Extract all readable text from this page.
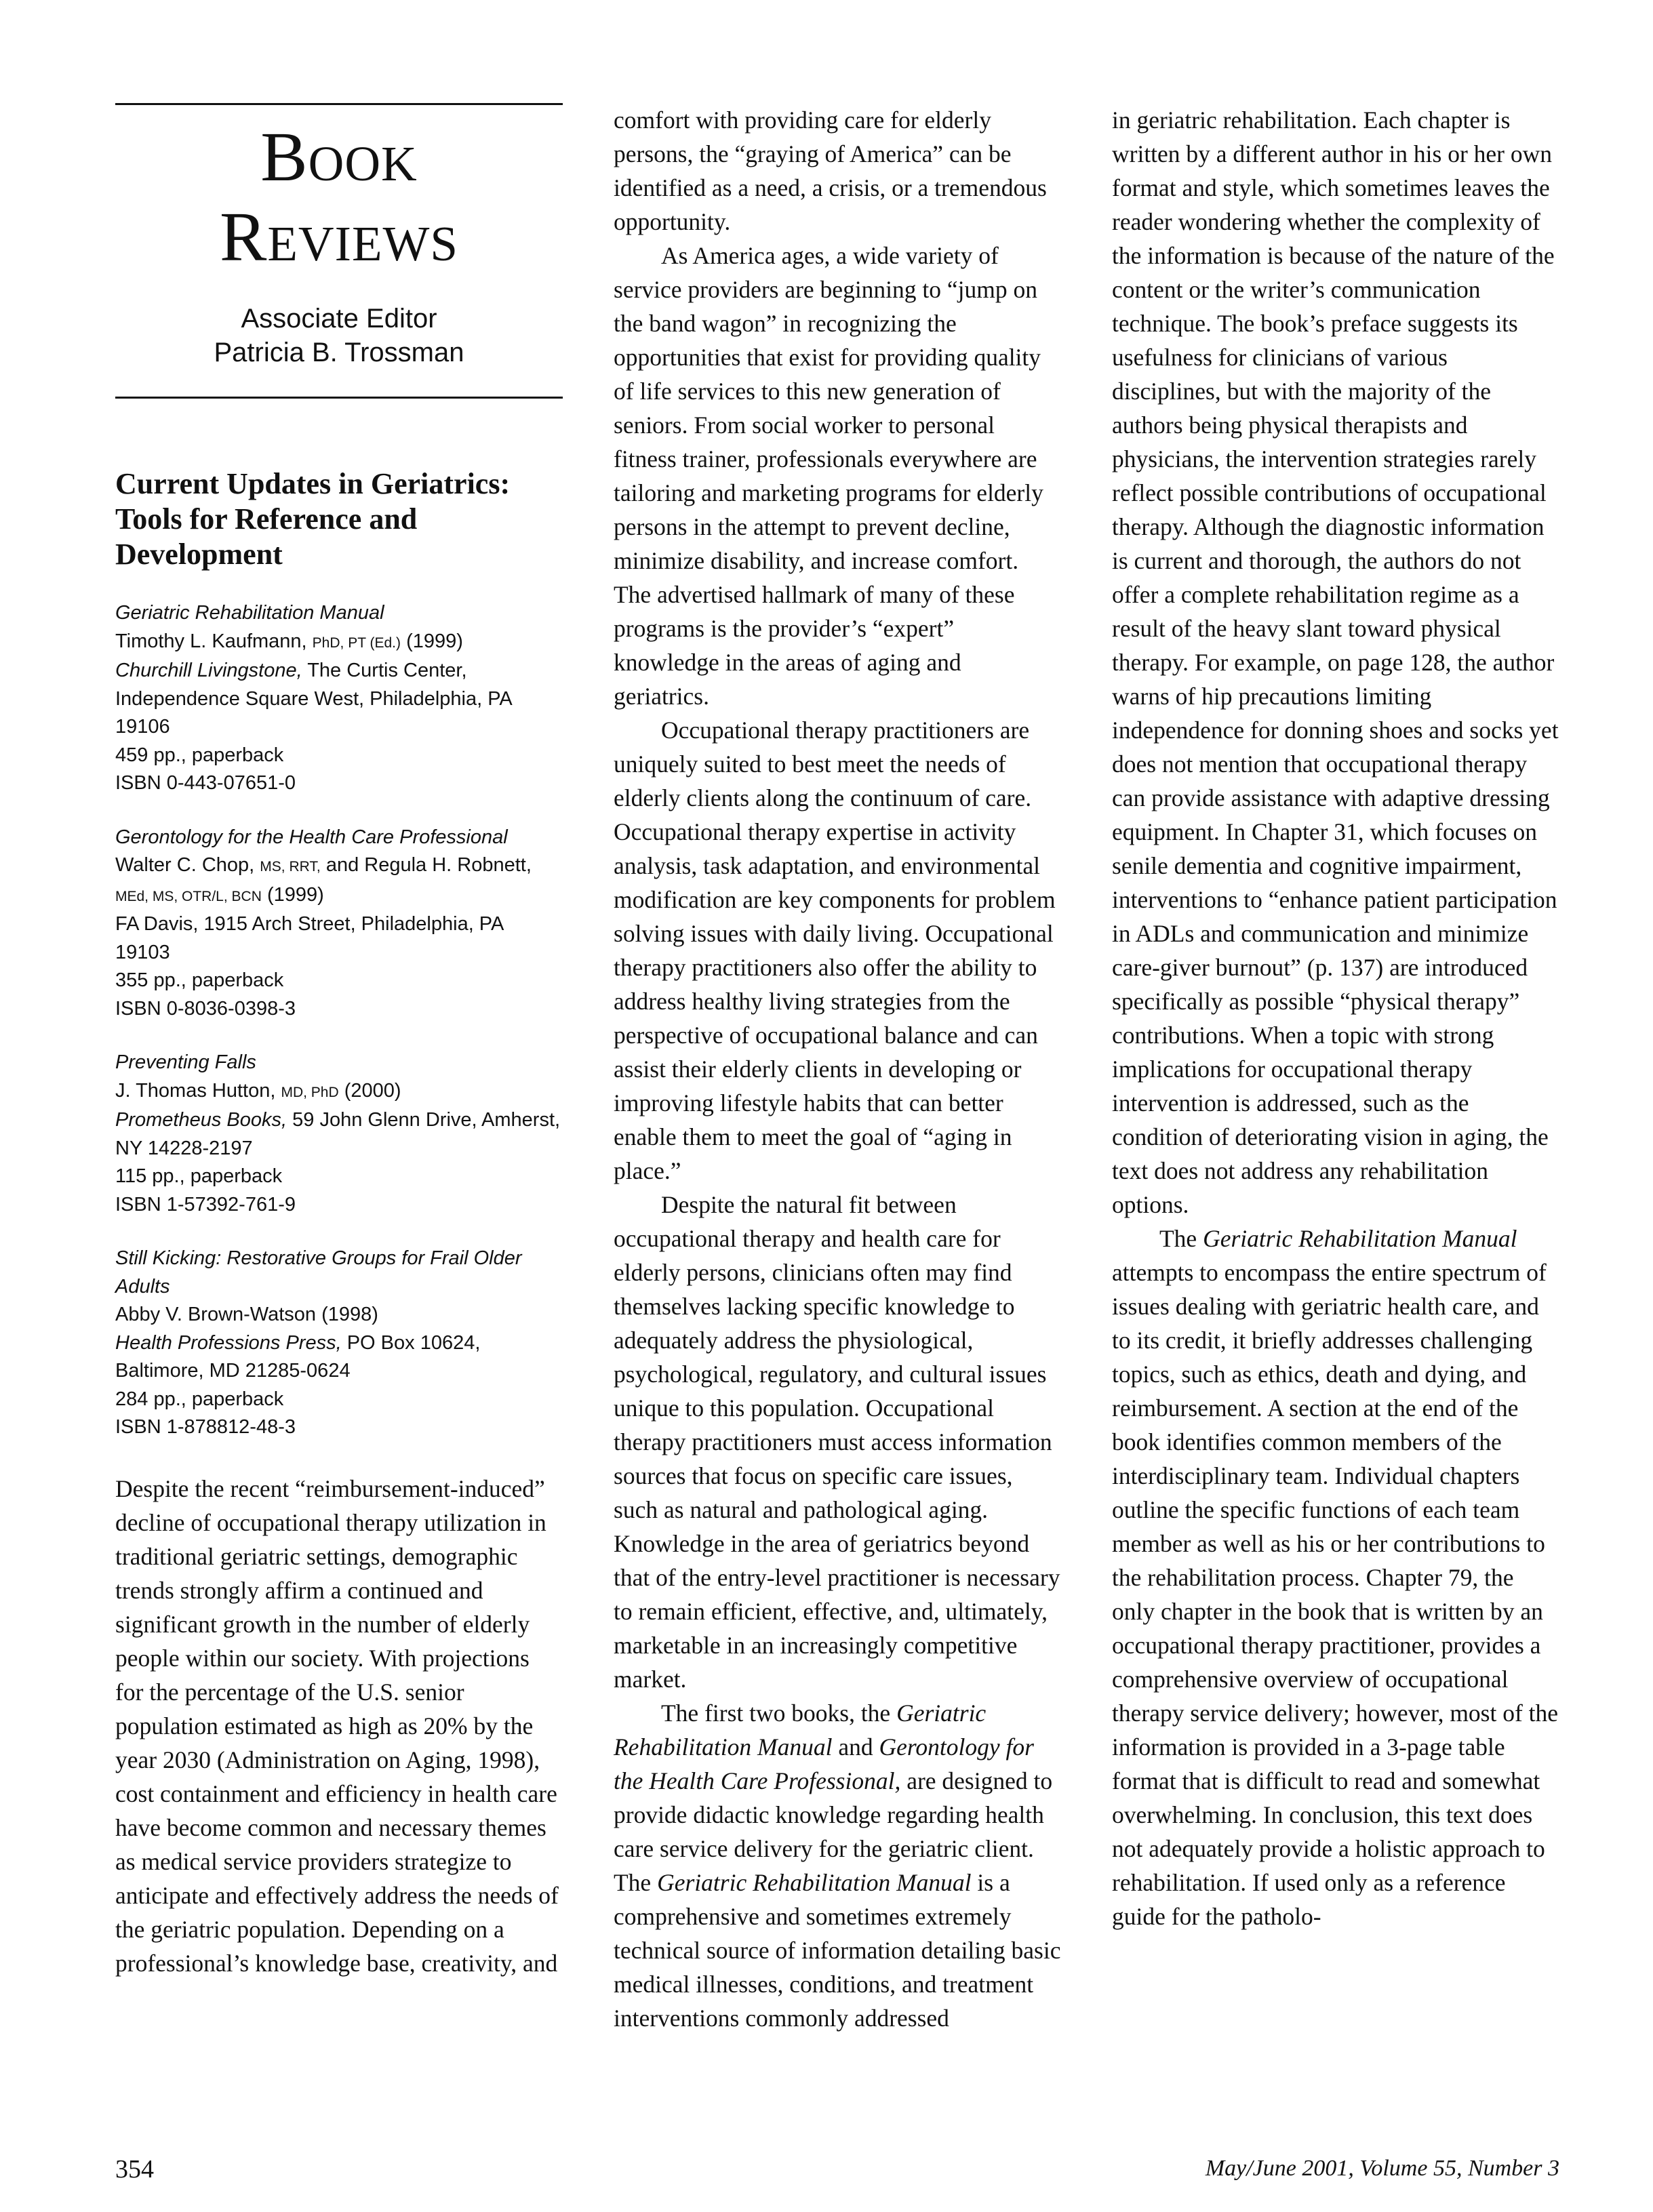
Book
Reviews
Associate Editor
Patricia B. Trossman
Current Updates in Geriatrics: Tools for Reference and Development
Geriatric Rehabilitation Manual
Timothy L. Kaufmann, PhD, PT (Ed.) (1999)
Churchill Livingstone, The Curtis Center, Independence Square West, Philadelphia, PA 19106
459 pp., paperback
ISBN 0-443-07651-0
Gerontology for the Health Care Professional
Walter C. Chop, MS, RRT, and Regula H. Robnett, MEd, MS, OTR/L, BCN (1999)
FA Davis, 1915 Arch Street, Philadelphia, PA 19103
355 pp., paperback
ISBN 0-8036-0398-3
Preventing Falls
J. Thomas Hutton, MD, PhD (2000)
Prometheus Books, 59 John Glenn Drive, Amherst, NY 14228-2197
115 pp., paperback
ISBN 1-57392-761-9
Still Kicking: Restorative Groups for Frail Older Adults
Abby V. Brown-Watson (1998)
Health Professions Press, PO Box 10624, Baltimore, MD 21285-0624
284 pp., paperback
ISBN 1-878812-48-3

Despite the recent “reimbursement-induced” decline of occupational therapy utilization in traditional geriatric settings, demographic trends strongly affirm a continued and significant growth in the number of elderly people within our society. With projections for the percentage of the U.S. senior population estimated as high as 20% by the year 2030 (Administration on Aging, 1998), cost containment and efficiency in health care have become common and necessary themes as medical service providers strategize to anticipate and effectively address the needs of the geriatric population. Depending on a professional’s knowledge base, creativity, and

comfort with providing care for elderly persons, the “graying of America” can be identified as a need, a crisis, or a tremendous opportunity.

As America ages, a wide variety of service providers are beginning to “jump on the band wagon” in recognizing the opportunities that exist for providing quality of life services to this new generation of seniors. From social worker to personal fitness trainer, professionals everywhere are tailoring and marketing programs for elderly persons in the attempt to prevent decline, minimize disability, and increase comfort. The advertised hallmark of many of these programs is the provider’s “expert” knowledge in the areas of aging and geriatrics.

Occupational therapy practitioners are uniquely suited to best meet the needs of elderly clients along the continuum of care. Occupational therapy expertise in activity analysis, task adaptation, and environmental modification are key components for problem solving issues with daily living. Occupational therapy practitioners also offer the ability to address healthy living strategies from the perspective of occupational balance and can assist their elderly clients in developing or improving lifestyle habits that can better enable them to meet the goal of “aging in place.”

Despite the natural fit between occupational therapy and health care for elderly persons, clinicians often may find themselves lacking specific knowledge to adequately address the physiological, psychological, regulatory, and cultural issues unique to this population. Occupational therapy practitioners must access information sources that focus on specific care issues, such as natural and pathological aging. Knowledge in the area of geriatrics beyond that of the entry-level practitioner is necessary to remain efficient, effective, and, ultimately, marketable in an increasingly competitive market.

The first two books, the Geriatric Rehabilitation Manual and Gerontology for the Health Care Professional, are designed to provide didactic knowledge regarding health care service delivery for the geriatric client. The Geriatric Rehabilitation Manual is a comprehensive and sometimes extremely technical source of information detailing basic medical illnesses, conditions, and treatment interventions commonly addressed

in geriatric rehabilitation. Each chapter is written by a different author in his or her own format and style, which sometimes leaves the reader wondering whether the complexity of the information is because of the nature of the content or the writer’s communication technique. The book’s preface suggests its usefulness for clinicians of various disciplines, but with the majority of the authors being physical therapists and physicians, the intervention strategies rarely reflect possible contributions of occupational therapy. Although the diagnostic information is current and thorough, the authors do not offer a complete rehabilitation regime as a result of the heavy slant toward physical therapy. For example, on page 128, the author warns of hip precautions limiting independence for donning shoes and socks yet does not mention that occupational therapy can provide assistance with adaptive dressing equipment. In Chapter 31, which focuses on senile dementia and cognitive impairment, interventions to “enhance patient participation in ADLs and communication and minimize care-giver burnout” (p. 137) are introduced specifically as possible “physical therapy” contributions. When a topic with strong implications for occupational therapy intervention is addressed, such as the condition of deteriorating vision in aging, the text does not address any rehabilitation options.

The Geriatric Rehabilitation Manual attempts to encompass the entire spectrum of issues dealing with geriatric health care, and to its credit, it briefly addresses challenging topics, such as ethics, death and dying, and reimbursement. A section at the end of the book identifies common members of the interdisciplinary team. Individual chapters outline the specific functions of each team member as well as his or her contributions to the rehabilitation process. Chapter 79, the only chapter in the book that is written by an occupational therapy practitioner, provides a comprehensive overview of occupational therapy service delivery; however, most of the information is provided in a 3-page table format that is difficult to read and somewhat overwhelming. In conclusion, this text does not adequately provide a holistic approach to rehabilitation. If used only as a reference guide for the patholo-

354	May/June 2001, Volume 55, Number 3
